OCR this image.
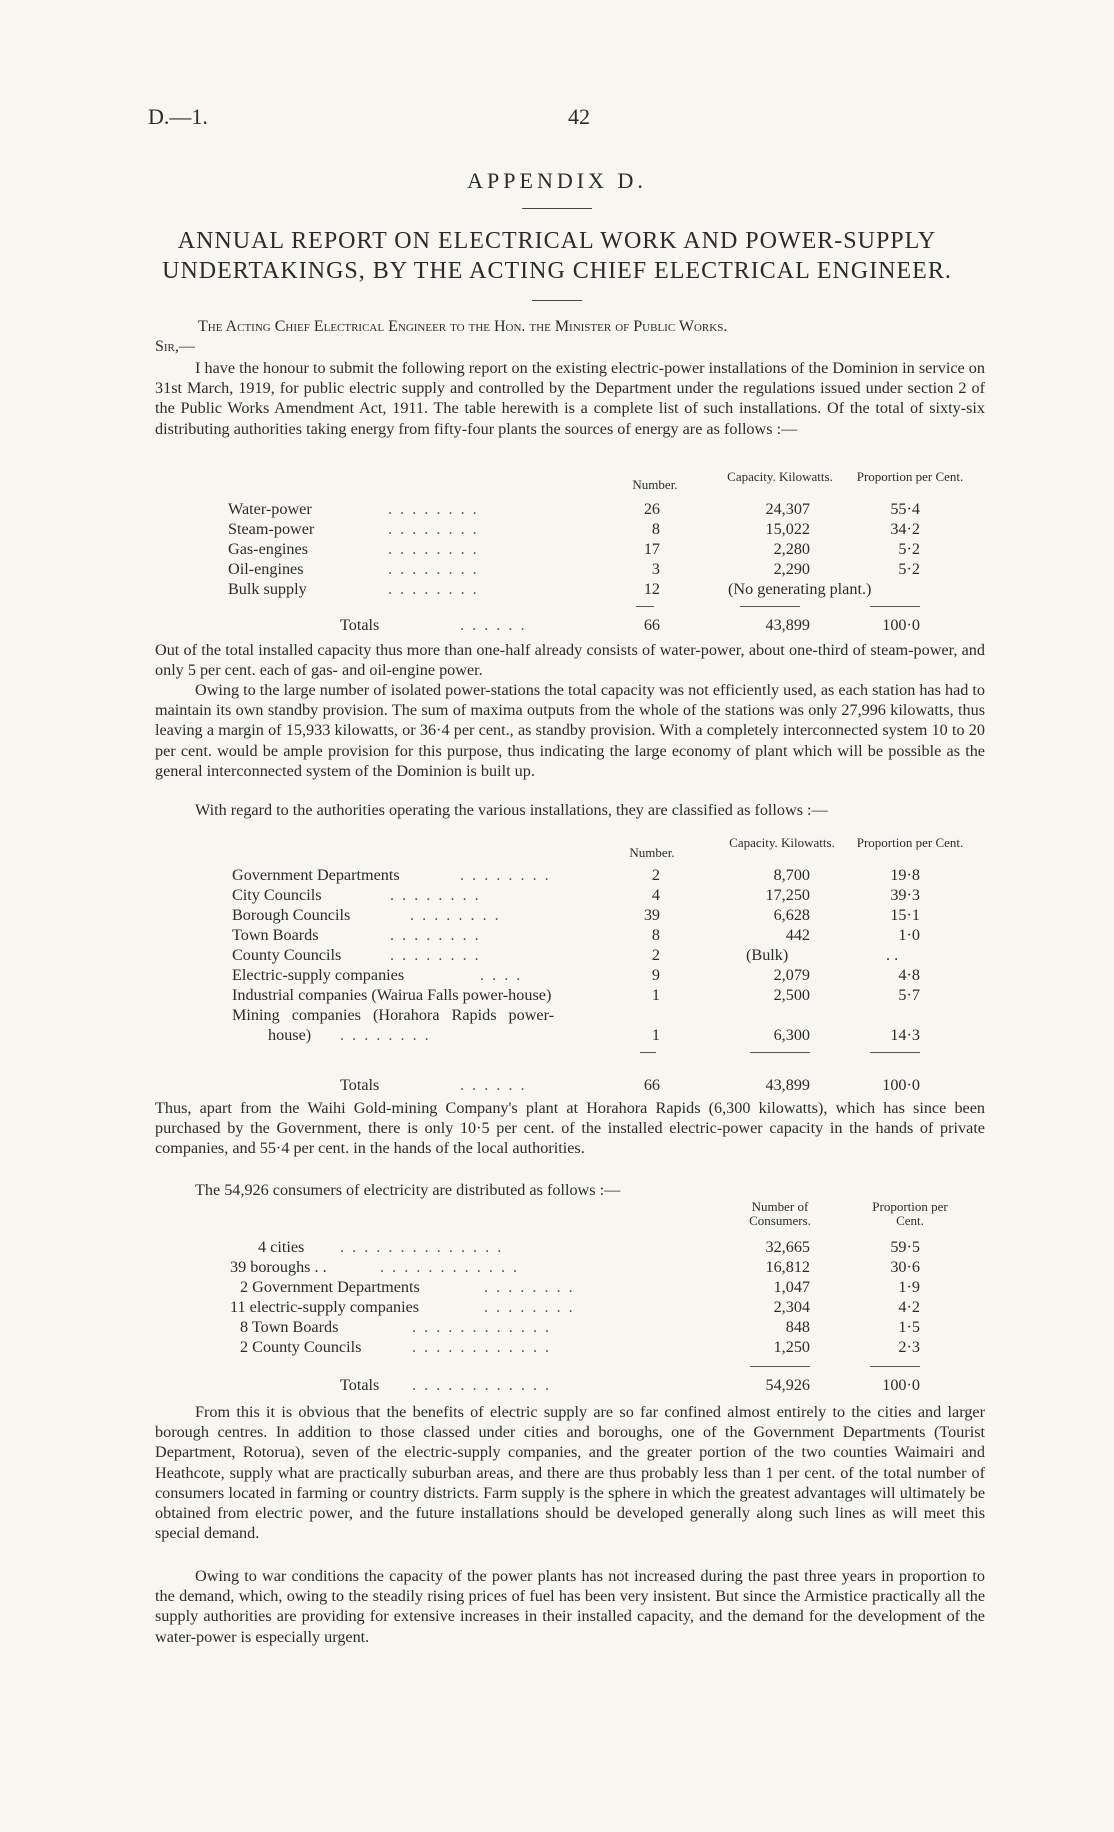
D.—1.	42
APPENDIX D.
ANNUAL REPORT ON ELECTRICAL WORK AND POWER-SUPPLY
UNDERTAKINGS, BY THE ACTING CHIEF ELECTRICAL ENGINEER.
The Acting Chief Electrical Engineer to the Hon. the Minister of Public Works.
Sir,—

I have the honour to submit the following report on the existing electric-power installations of the Dominion in service on 31st March, 1919, for public electric supply and controlled by the Department under the regulations issued under section 2 of the Public Works Amendment Act, 1911. The table herewith is a complete list of such installations. Of the total of sixty-six distributing authorities taking energy from fifty-four plants the sources of energy are as follows :—

Number.
Capacity. Kilowatts.	Proportion per Cent.
Water-power	. . . . . . . .	26	24,307	55·4
Steam-power	. . . . . . . .	8	15,022	34·2
Gas-engines	. . . . . . . .	17	2,280	5·2
Oil-engines	. . . . . . . .	3	2,290	5·2
Bulk supply	. . . . . . . .	12	(No generating plant.)
Totals	. . . . . .	66	43,899	100·0

Out of the total installed capacity thus more than one-half already consists of water-power, about one-third of steam-power, and only 5 per cent. each of gas- and oil-engine power.

Owing to the large number of isolated power-stations the total capacity was not efficiently used, as each station has had to maintain its own standby provision. The sum of maxima outputs from the whole of the stations was only 27,996 kilowatts, thus leaving a margin of 15,933 kilowatts, or 36·4 per cent., as standby provision. With a completely interconnected system 10 to 20 per cent. would be ample provision for this purpose, thus indicating the large economy of plant which will be possible as the general interconnected system of the Dominion is built up.

With regard to the authorities operating the various installations, they are classified as follows :—

Number.
Capacity. Kilowatts.	Proportion per Cent.
Government Departments	. . . . . . . .	2	8,700	19·8
City Councils	. . . . . . . .	4	17,250	39·3
Borough Councils	. . . . . . . .	39	6,628	15·1
Town Boards	. . . . . . . .	8	442	1·0
County Councils	. . . . . . . .	2	(Bulk)	. .
Electric-supply companies	. . . .	9	2,079	4·8
Industrial companies (Wairua Falls power-house)	1	2,500	5·7
Mining companies (Horahora Rapids power-
house) . . . . . . . .	1	6,300	14·3
Totals	. . . . . .	66	43,899	100·0

Thus, apart from the Waihi Gold-mining Company's plant at Horahora Rapids (6,300 kilowatts), which has since been purchased by the Government, there is only 10·5 per cent. of the installed electric-power capacity in the hands of private companies, and 55·4 per cent. in the hands of the local authorities.

The 54,926 consumers of electricity are distributed as follows :—

Number of Consumers.
Proportion per Cent.
4 cities . . . . . . . . . . . . . .	32,665	59·5
39 boroughs . .	. . . . . . . . . . . .	16,812	30·6
2 Government Departments	. . . . . . . .	1,047	1·9
11 electric-supply companies	. . . . . . . .	2,304	4·2
8 Town Boards	. . . . . . . . . . . .	848	1·5
2 County Councils	. . . . . . . . . . . .	1,250	2·3
Totals . . . . . . . . . . . .	54,926	100·0

From this it is obvious that the benefits of electric supply are so far confined almost entirely to the cities and larger borough centres. In addition to those classed under cities and boroughs, one of the Government Departments (Tourist Department, Rotorua), seven of the electric-supply companies, and the greater portion of the two counties Waimairi and Heathcote, supply what are practically suburban areas, and there are thus probably less than 1 per cent. of the total number of consumers located in farming or country districts. Farm supply is the sphere in which the greatest advantages will ultimately be obtained from electric power, and the future installations should be developed generally along such lines as will meet this special demand.

Owing to war conditions the capacity of the power plants has not increased during the past three years in proportion to the demand, which, owing to the steadily rising prices of fuel has been very insistent. But since the Armistice practically all the supply authorities are providing for extensive increases in their installed capacity, and the demand for the development of the water-power is especially urgent.
